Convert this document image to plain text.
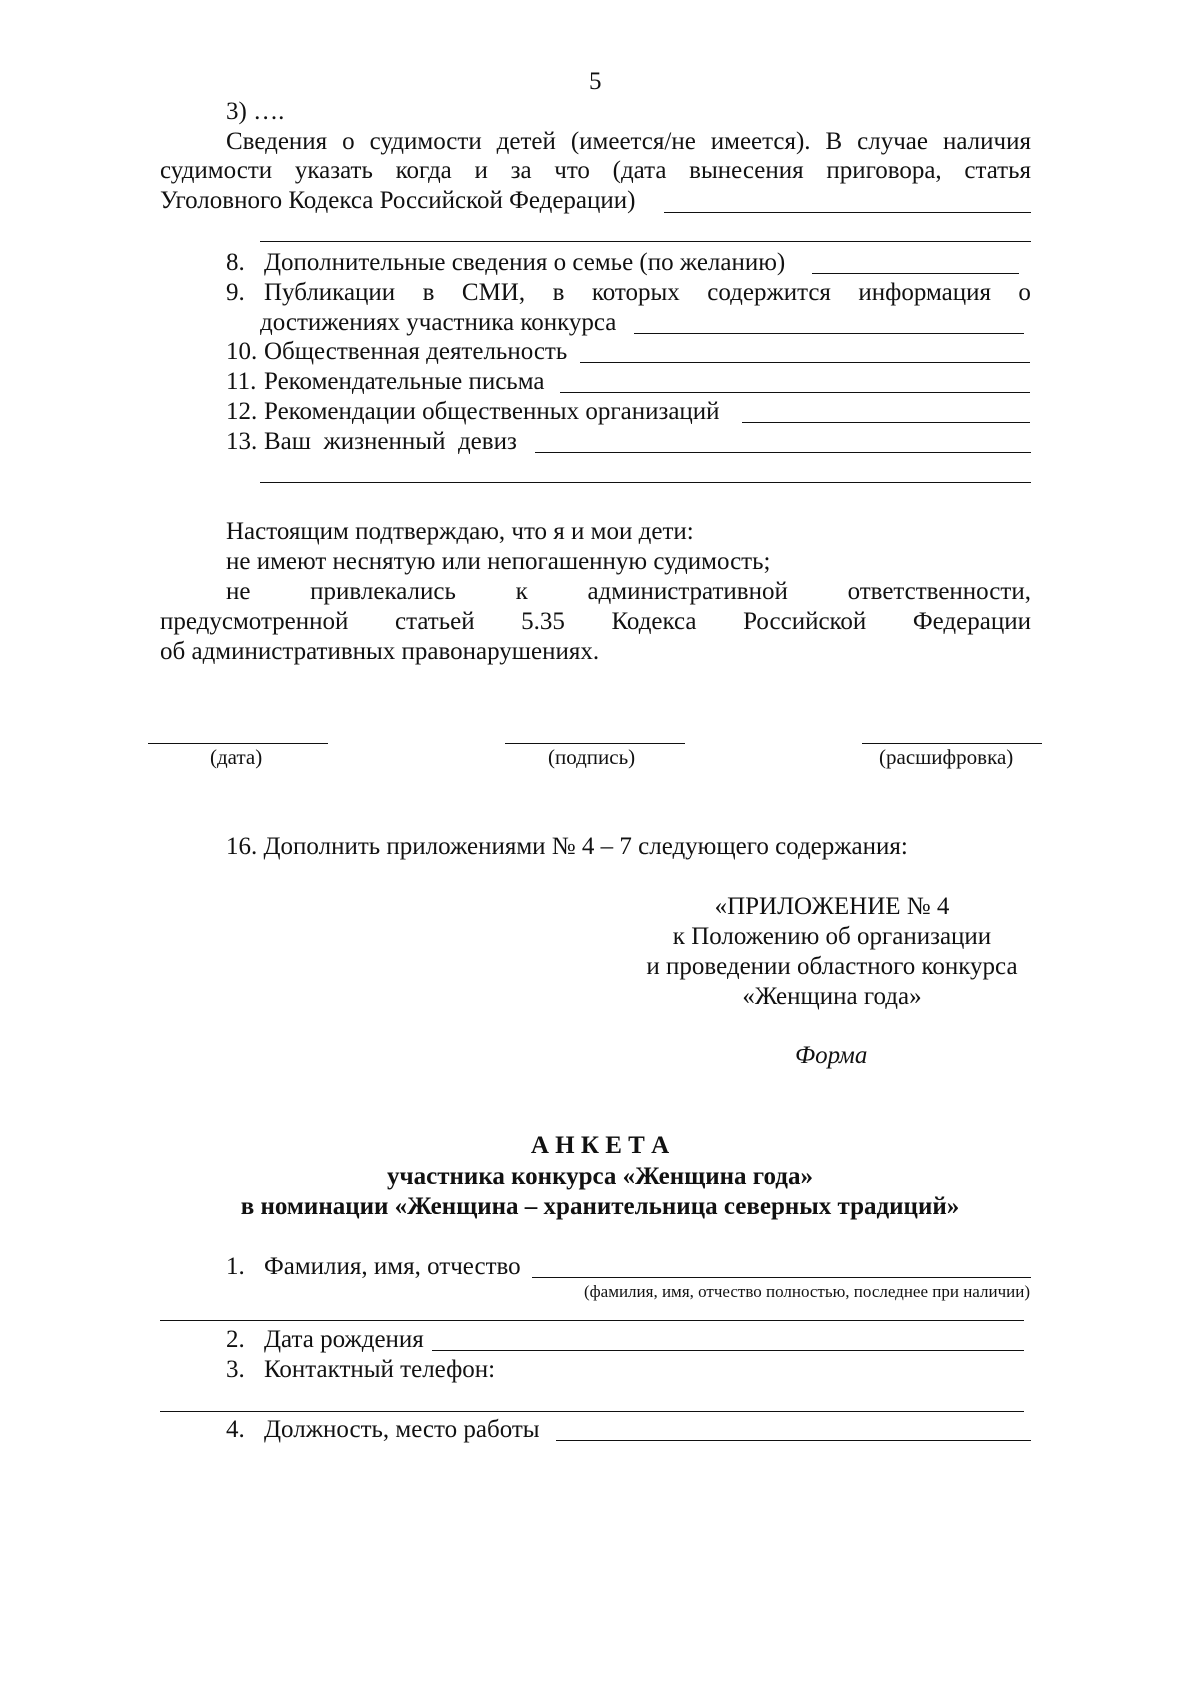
5
3) ….
Сведения о судимости детей (имеется/не имеется). В случае наличия
судимости указать когда и за что (дата вынесения приговора, статья
Уголовного Кодекса Российской Федерации)
8. Дополнительные сведения о семье (по желанию)
9. Публикации в СМИ, в которых содержится информация о
достижениях участника конкурса
10. Общественная деятельность
11. Рекомендательные письма
12. Рекомендации общественных организаций
13. Ваш  жизненный  девиз
Настоящим подтверждаю, что я и мои дети:
не имеют неснятую или непогашенную судимость;
не привлекались к административной ответственности,
предусмотренной статьей 5.35 Кодекса Российской Федерации
об административных правонарушениях.
(дата)	(подпись)	(расшифровка)
16. Дополнить приложениями № 4 – 7 следующего содержания:
«ПРИЛОЖЕНИЕ № 4
к Положению об организации
и проведении областного конкурса
«Женщина года»
Форма
А Н К Е Т А
участника конкурса «Женщина года»
в номинации «Женщина – хранительница северных традиций»
1. Фамилия, имя, отчество
(фамилия, имя, отчество полностью, последнее при наличии)
2. Дата рождения
3. Контактный телефон:
4. Должность, место работы
